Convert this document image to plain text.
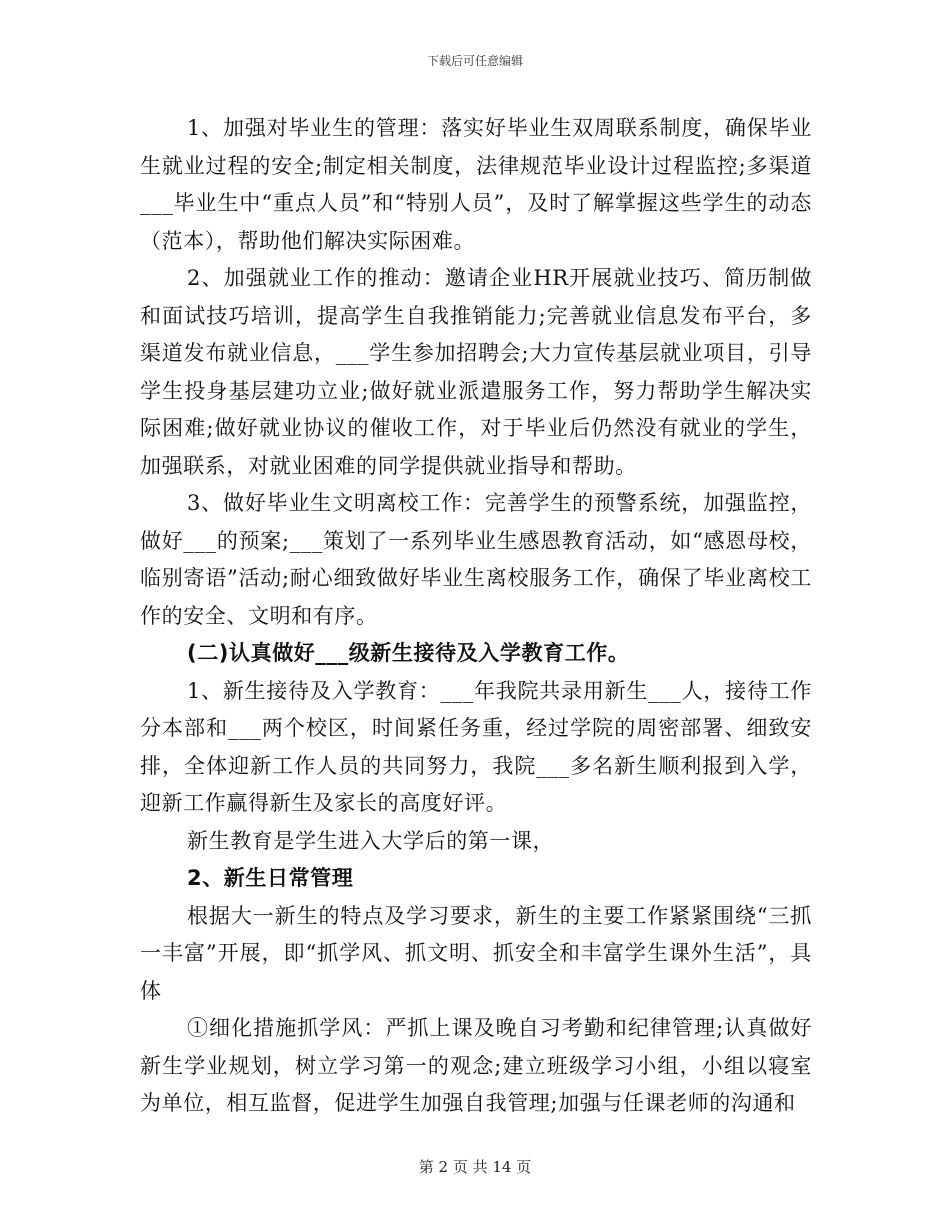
下载后可任意编辑

1、加强对毕业生的管理：落实好毕业生双周联系制度，确保毕业生就业过程的安全;制定相关制度，法律规范毕业设计过程监控;多渠道___毕业生中“重点人员”和“特别人员”，及时了解掌握这些学生的动态（范本），帮助他们解决实际困难。

2、加强就业工作的推动：邀请企业HR开展就业技巧、简历制做和面试技巧培训，提高学生自我推销能力;完善就业信息发布平台，多渠道发布就业信息，___学生参加招聘会;大力宣传基层就业项目，引导学生投身基层建功立业;做好就业派遣服务工作，努力帮助学生解决实际困难;做好就业协议的催收工作，对于毕业后仍然没有就业的学生，加强联系，对就业困难的同学提供就业指导和帮助。

3、做好毕业生文明离校工作：完善学生的预警系统，加强监控，做好___的预案;___策划了一系列毕业生感恩教育活动，如“感恩母校，临别寄语”活动;耐心细致做好毕业生离校服务工作，确保了毕业离校工作的安全、文明和有序。

(二)认真做好___级新生接待及入学教育工作。

1、新生接待及入学教育：___年我院共录用新生___人，接待工作分本部和___两个校区，时间紧任务重，经过学院的周密部署、细致安排，全体迎新工作人员的共同努力，我院___多名新生顺利报到入学，迎新工作赢得新生及家长的高度好评。

新生教育是学生进入大学后的第一课，

2、新生日常管理

根据大一新生的特点及学习要求，新生的主要工作紧紧围绕“三抓一丰富”开展，即“抓学风、抓文明、抓安全和丰富学生课外生活”，具体

①细化措施抓学风：严抓上课及晚自习考勤和纪律管理;认真做好新生学业规划，树立学习第一的观念;建立班级学习小组，小组以寝室为单位，相互监督，促进学生加强自我管理;加强与任课老师的沟通和

第 2 页 共 14 页
